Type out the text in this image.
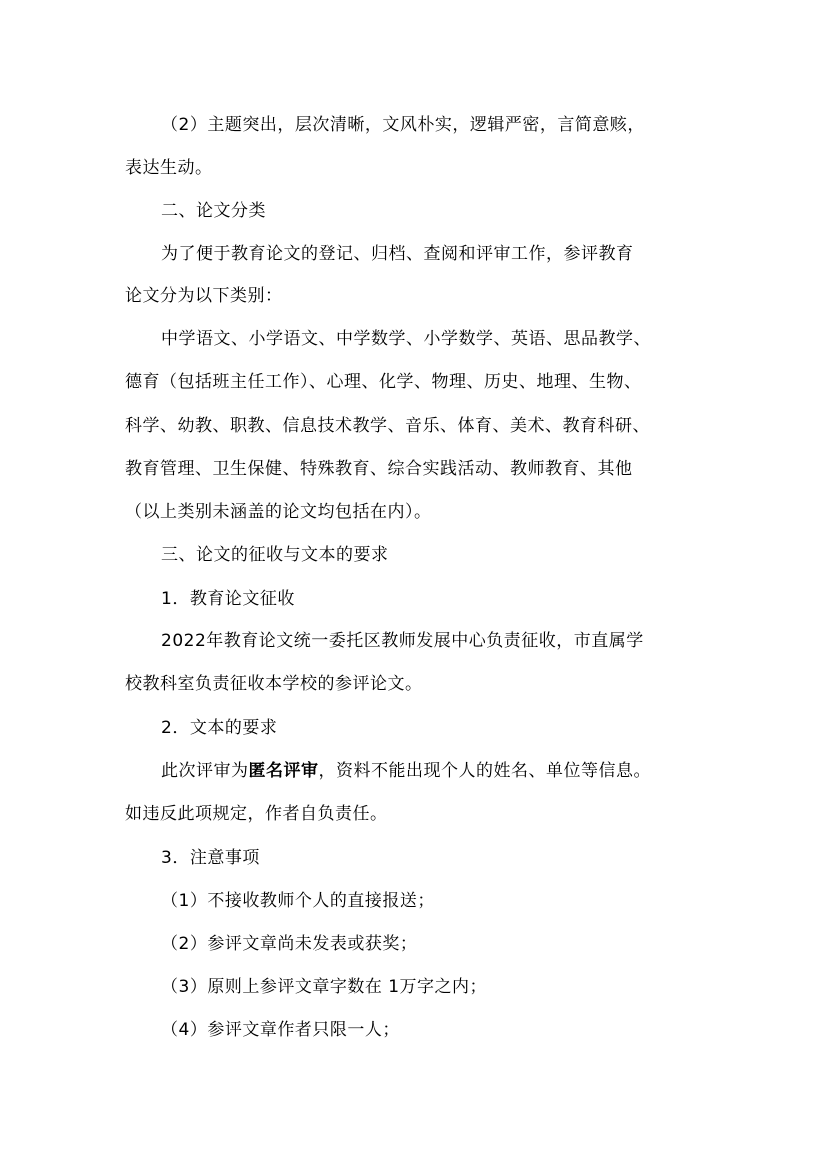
（2）主题突出，层次清晰，文风朴实，逻辑严密，言简意赅，
表达生动。
二、论文分类
为了便于教育论文的登记、归档、查阅和评审工作，参评教育
论文分为以下类别：
中学语文、小学语文、中学数学、小学数学、英语、思品教学、
德育（包括班主任工作）、心理、化学、物理、历史、地理、生物、
科学、幼教、职教、信息技术教学、音乐、体育、美术、教育科研、
教育管理、卫生保健、特殊教育、综合实践活动、教师教育、其他
（以上类别未涵盖的论文均包括在内）。
三、论文的征收与文本的要求
1．教育论文征收
2022年教育论文统一委托区教师发展中心负责征收，市直属学
校教科室负责征收本学校的参评论文。
2．文本的要求
此次评审为匿名评审，资料不能出现个人的姓名、单位等信息。
如违反此项规定，作者自负责任。
3．注意事项
（1）不接收教师个人的直接报送；
（2）参评文章尚未发表或获奖；
（3）原则上参评文章字数在 1万字之内；
（4）参评文章作者只限一人；
